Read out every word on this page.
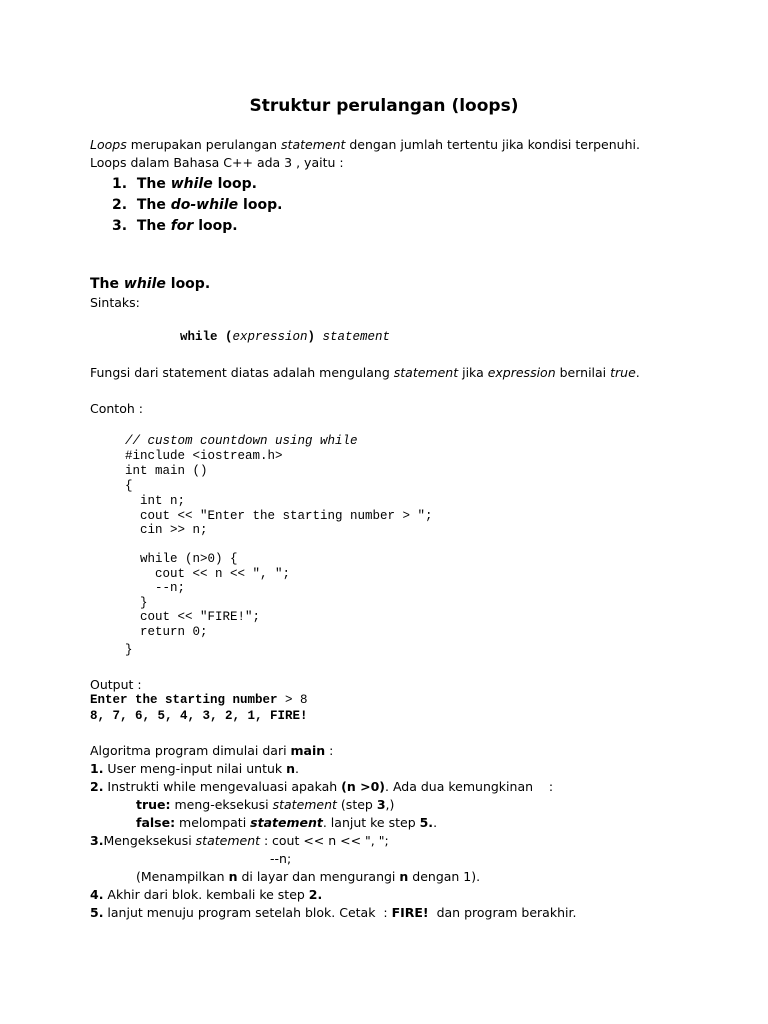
Struktur perulangan (loops)
Loops merupakan perulangan statement dengan jumlah tertentu jika kondisi terpenuhi.
Loops dalam Bahasa C++ ada 3 , yaitu :
1. The while loop.
2. The do-while loop.
3. The for loop.
The while loop.
Sintaks:
while (expression) statement
Fungsi dari statement diatas adalah mengulang statement jika expression bernilai true.
Contoh :
// custom countdown using while
#include <iostream.h>
int main ()
{
int n;
cout << "Enter the starting number > ";
cin >> n;
while (n>0) {
cout << n << ", ";
--n;
}
cout << "FIRE!";
return 0;
}
Output :
Enter the starting number > 8
8, 7, 6, 5, 4, 3, 2, 1, FIRE!
Algoritma program dimulai dari main :
1. User meng-input nilai untuk n.
2. Instrukti while mengevaluasi apakah (n >0). Ada dua kemungkinan    :
true: meng-eksekusi statement (step 3,)
false: melompati statement. lanjut ke step 5..
3.Mengeksekusi statement : cout << n << ", ";
--n;
(Menampilkan n di layar dan mengurangi n dengan 1).
4. Akhir dari blok. kembali ke step 2.
5. lanjut menuju program setelah blok. Cetak  : FIRE!  dan program berakhir.
